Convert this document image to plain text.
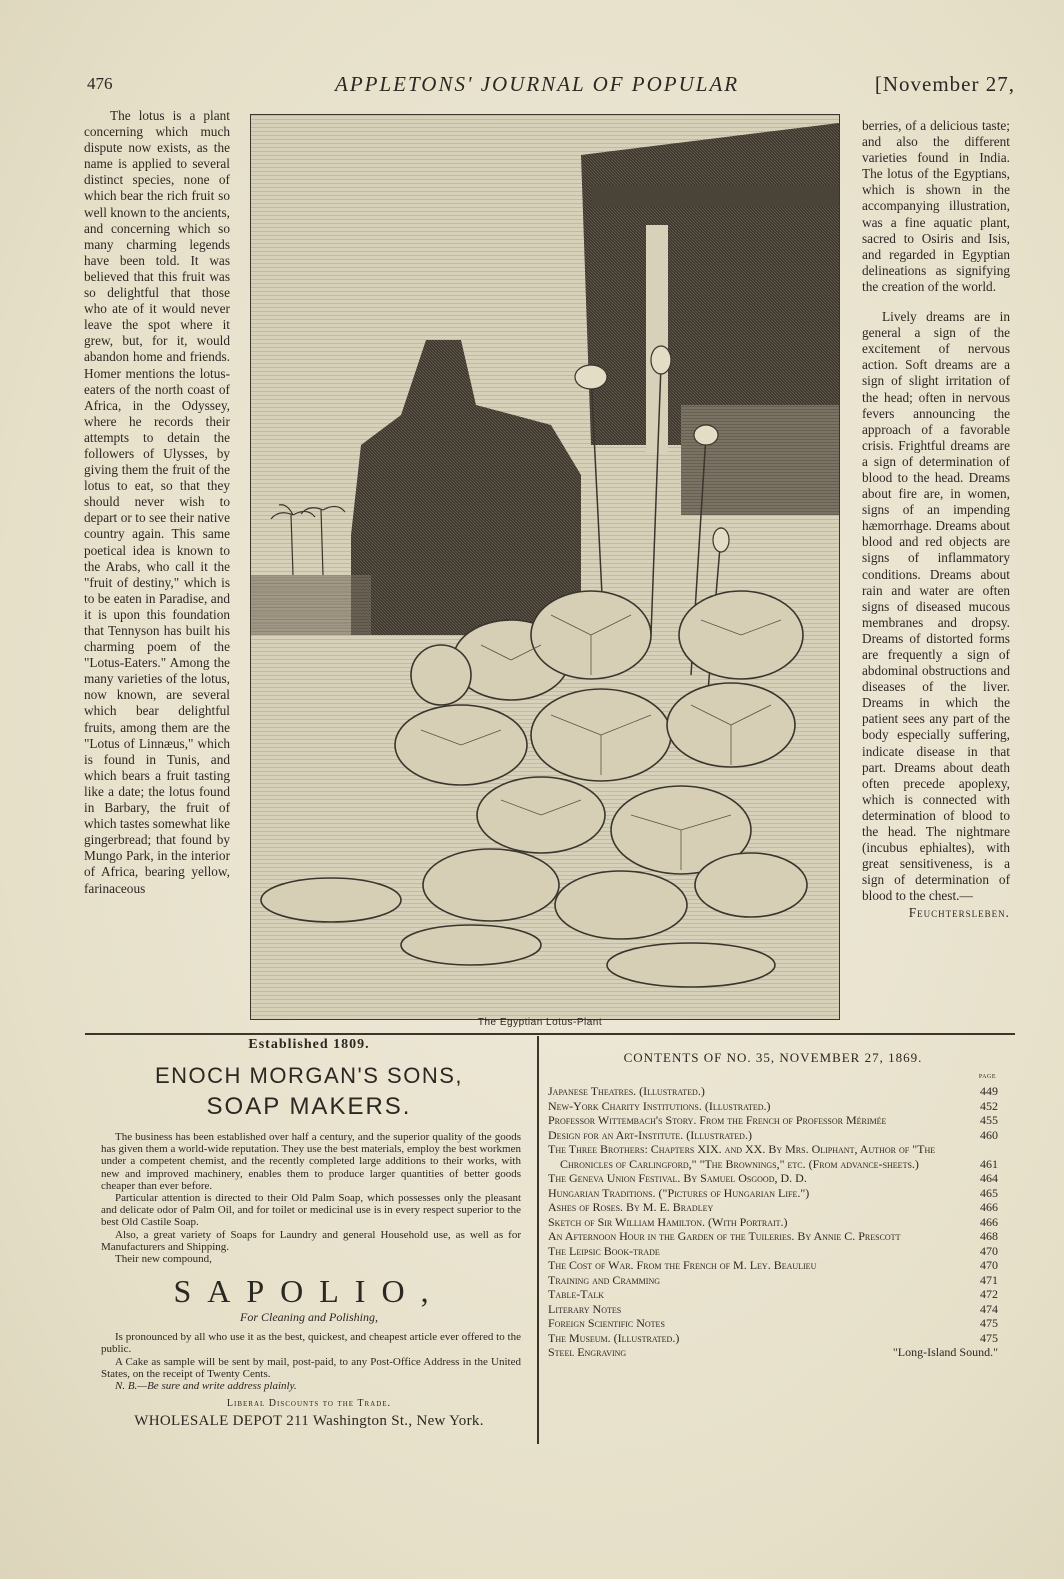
476	APPLETONS' JOURNAL OF POPULAR	[November 27,

The lotus is a plant concerning which much dispute now exists, as the name is applied to several distinct species, none of which bear the rich fruit so well known to the ancients, and concerning which so many charming legends have been told. It was believed that this fruit was so delightful that those who ate of it would never leave the spot where it grew, but, for it, would abandon home and friends. Homer mentions the lotus-eaters of the north coast of Africa, in the Odyssey, where he records their attempts to detain the followers of Ulysses, by giving them the fruit of the lotus to eat, so that they should never wish to depart or to see their native country again. This same poetical idea is known to the Arabs, who call it the "fruit of destiny," which is to be eaten in Paradise, and it is upon this foundation that Tennyson has built his charming poem of the "Lotus-Eaters." Among the many varieties of the lotus, now known, are several which bear delightful fruits, among them are the "Lotus of Linnæus," which is found in Tunis, and which bears a fruit tasting like a date; the lotus found in Barbary, the fruit of which tastes somewhat like gingerbread; that found by Mungo Park, in the interior of Africa, bearing yellow, farinaceous

The Egyptian Lotus-Plant

berries, of a delicious taste; and also the different varieties found in India. The lotus of the Egyptians, which is shown in the accompanying illustration, was a fine aquatic plant, sacred to Osiris and Isis, and regarded in Egyptian delineations as signifying the creation of the world.

Lively dreams are in general a sign of the excitement of nervous action. Soft dreams are a sign of slight irritation of the head; often in nervous fevers announcing the approach of a favorable crisis. Frightful dreams are a sign of determination of blood to the head. Dreams about fire are, in women, signs of an impending hæmorrhage. Dreams about blood and red objects are signs of inflammatory conditions. Dreams about rain and water are often signs of diseased mucous membranes and dropsy. Dreams of distorted forms are frequently a sign of abdominal obstructions and diseases of the liver. Dreams in which the patient sees any part of the body especially suffering, indicate disease in that part. Dreams about death often precede apoplexy, which is connected with determination of blood to the head. The nightmare (incubus ephialtes), with great sensitiveness, is a sign of determination of blood to the chest.—

Feuchtersleben.
Established 1809.
ENOCH MORGAN'S SONS,
SOAP MAKERS.

The business has been established over half a century, and the superior quality of the goods has given them a world-wide reputation. They use the best materials, employ the best workmen under a competent chemist, and the recently completed large additions to their works, with new and improved machinery, enables them to produce larger quantities of better goods cheaper than ever before.

Particular attention is directed to their Old Palm Soap, which possesses only the pleasant and delicate odor of Palm Oil, and for toilet or medicinal use is in every respect superior to the best Old Castile Soap.

Also, a great variety of Soaps for Laundry and general Household use, as well as for Manufacturers and Shipping.

Their new compound,

SAPOLIO,
For Cleaning and Polishing,

Is pronounced by all who use it as the best, quickest, and cheapest article ever offered to the public.

A Cake as sample will be sent by mail, post-paid, to any Post-Office Address in the United States, on the receipt of Twenty Cents.

N. B.—Be sure and write address plainly.

Liberal Discounts to the Trade.
WHOLESALE DEPOT 211 Washington St., New York.
CONTENTS OF NO. 35, NOVEMBER 27, 1869.
PAGE
Japanese Theatres. (Illustrated.)	449
New-York Charity Institutions. (Illustrated.)	452
Professor Wittembach's Story. From the French of Professor Mérimée	455
Design for an Art-Institute. (Illustrated.)	460
The Three Brothers: Chapters XIX. and XX. By Mrs. Oliphant, Author of "The Chronicles of Carlingford," "The Brownings," etc. (From advance-sheets.)	461
The Geneva Union Festival. By Samuel Osgood, D. D.	464
Hungarian Traditions. ("Pictures of Hungarian Life.")	465
Ashes of Roses. By M. E. Bradley	466
Sketch of Sir William Hamilton. (With Portrait.)	466
An Afternoon Hour in the Garden of the Tuileries. By Annie C. Prescott	468
The Leipsic Book-trade	470
The Cost of War. From the French of M. Ley. Beaulieu	470
Training and Cramming	471
Table-Talk	472
Literary Notes	474
Foreign Scientific Notes	475
The Museum. (Illustrated.)	475
Steel Engraving	"Long-Island Sound."
